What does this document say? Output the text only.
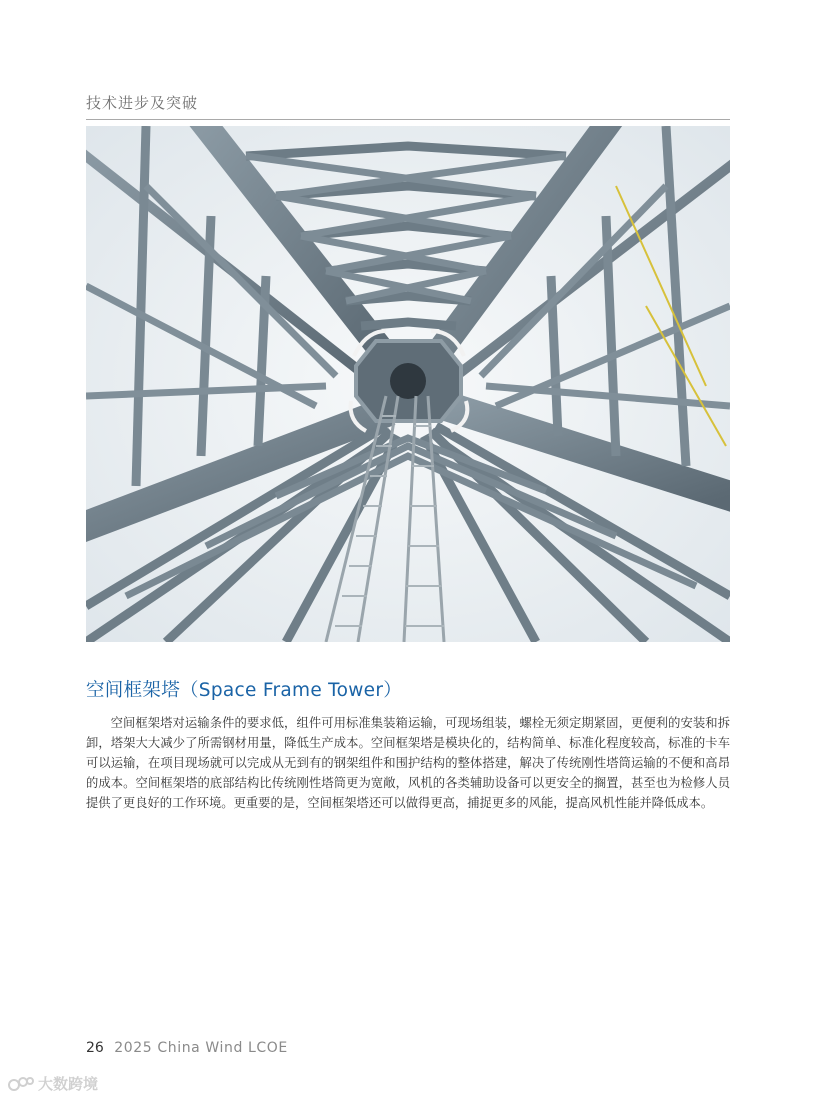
技术进步及突破
空间框架塔（Space Frame Tower）

空间框架塔对运输条件的要求低，组件可用标准集装箱运输，可现场组装，螺栓无须定期紧固，更便利的安装和拆卸，塔架大大减少了所需钢材用量，降低生产成本。空间框架塔是模块化的，结构简单、标准化程度较高，标准的卡车可以运输，在项目现场就可以完成从无到有的钢架组件和围护结构的整体搭建，解决了传统刚性塔筒运输的不便和高昂的成本。空间框架塔的底部结构比传统刚性塔筒更为宽敞，风机的各类辅助设备可以更安全的搁置，甚至也为检修人员提供了更良好的工作环境。更重要的是，空间框架塔还可以做得更高，捕捉更多的风能，提高风机性能并降低成本。

26 2025 China Wind LCOE
大数跨境
